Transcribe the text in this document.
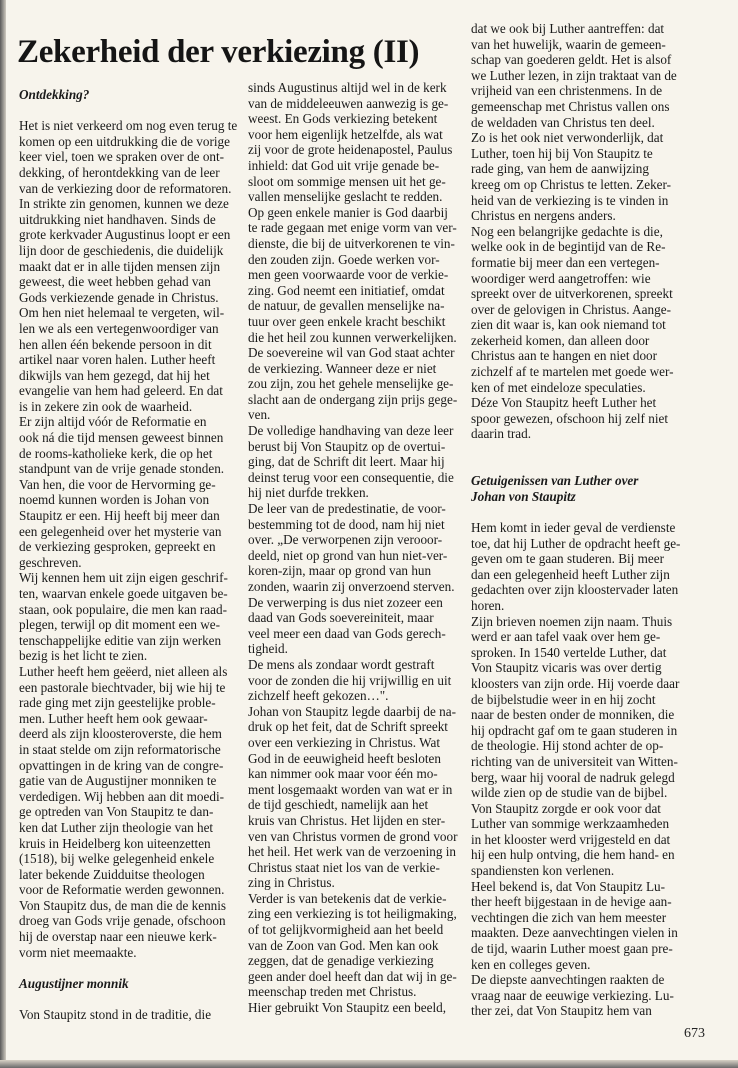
Zekerheid der verkiezing (II)

Ontdekking?

Het is niet verkeerd om nog even terug te

komen op een uitdrukking die de vorige

keer viel, toen we spraken over de ont-

dekking, of herontdekking van de leer

van de verkiezing door de reformatoren.

In strikte zin genomen, kunnen we deze

uitdrukking niet handhaven. Sinds de

grote kerkvader Augustinus loopt er een

lijn door de geschiedenis, die duidelijk

maakt dat er in alle tijden mensen zijn

geweest, die weet hebben gehad van

Gods verkiezende genade in Christus.

Om hen niet helemaal te vergeten, wil-

len we als een vertegenwoordiger van

hen allen één bekende persoon in dit

artikel naar voren halen. Luther heeft

dikwijls van hem gezegd, dat hij het

evangelie van hem had geleerd. En dat

is in zekere zin ook de waarheid.

Er zijn altijd vóór de Reformatie en

ook ná die tijd mensen geweest binnen

de rooms-katholieke kerk, die op het

standpunt van de vrije genade stonden.

Van hen, die voor de Hervorming ge-

noemd kunnen worden is Johan von

Staupitz er een. Hij heeft bij meer dan

een gelegenheid over het mysterie van

de verkiezing gesproken, gepreekt en

geschreven.

Wij kennen hem uit zijn eigen geschrif-

ten, waarvan enkele goede uitgaven be-

staan, ook populaire, die men kan raad-

plegen, terwijl op dit moment een we-

tenschappelijke editie van zijn werken

bezig is het licht te zien.

Luther heeft hem geëerd, niet alleen als

een pastorale biechtvader, bij wie hij te

rade ging met zijn geestelijke proble-

men. Luther heeft hem ook gewaar-

deerd als zijn kloosteroverste, die hem

in staat stelde om zijn reformatorische

opvattingen in de kring van de congre-

gatie van de Augustijner monniken te

verdedigen. Wij hebben aan dit moedi-

ge optreden van Von Staupitz te dan-

ken dat Luther zijn theologie van het

kruis in Heidelberg kon uiteenzetten

(1518), bij welke gelegenheid enkele

later bekende Zuidduitse theologen

voor de Reformatie werden gewonnen.

Von Staupitz dus, de man die de kennis

droeg van Gods vrije genade, ofschoon

hij de overstap naar een nieuwe kerk-

vorm niet meemaakte.

Augustijner monnik

Von Staupitz stond in de traditie, die

sinds Augustinus altijd wel in de kerk

van de middeleeuwen aanwezig is ge-

weest. En Gods verkiezing betekent

voor hem eigenlijk hetzelfde, als wat

zij voor de grote heidenapostel, Paulus

inhield: dat God uit vrije genade be-

sloot om sommige mensen uit het ge-

vallen menselijke geslacht te redden.

Op geen enkele manier is God daarbij

te rade gegaan met enige vorm van ver-

dienste, die bij de uitverkorenen te vin-

den zouden zijn. Goede werken vor-

men geen voorwaarde voor de verkie-

zing. God neemt een initiatief, omdat

de natuur, de gevallen menselijke na-

tuur over geen enkele kracht beschikt

die het heil zou kunnen verwerkelijken.

De soevereine wil van God staat achter

de verkiezing. Wanneer deze er niet

zou zijn, zou het gehele menselijke ge-

slacht aan de ondergang zijn prijs gege-

ven.

De volledige handhaving van deze leer

berust bij Von Staupitz op de overtui-

ging, dat de Schrift dit leert. Maar hij

deinst terug voor een consequentie, die

hij niet durfde trekken.

De leer van de predestinatie, de voor-

bestemming tot de dood, nam hij niet

over. „De verworpenen zijn verooor-

deeld, niet op grond van hun niet-ver-

koren-zijn, maar op grond van hun

zonden, waarin zij onverzoend sterven.

De verwerping is dus niet zozeer een

daad van Gods soevereiniteit, maar

veel meer een daad van Gods gerech-

tigheid.

De mens als zondaar wordt gestraft

voor de zonden die hij vrijwillig en uit

zichzelf heeft gekozen…".

Johan von Staupitz legde daarbij de na-

druk op het feit, dat de Schrift spreekt

over een verkiezing in Christus. Wat

God in de eeuwigheid heeft besloten

kan nimmer ook maar voor één mo-

ment losgemaakt worden van wat er in

de tijd geschiedt, namelijk aan het

kruis van Christus. Het lijden en ster-

ven van Christus vormen de grond voor

het heil. Het werk van de verzoening in

Christus staat niet los van de verkie-

zing in Christus.

Verder is van betekenis dat de verkie-

zing een verkiezing is tot heiligmaking,

of tot gelijkvormigheid aan het beeld

van de Zoon van God. Men kan ook

zeggen, dat de genadige verkiezing

geen ander doel heeft dan dat wij in ge-

meenschap treden met Christus.

Hier gebruikt Von Staupitz een beeld,

dat we ook bij Luther aantreffen: dat

van het huwelijk, waarin de gemeen-

schap van goederen geldt. Het is alsof

we Luther lezen, in zijn traktaat van de

vrijheid van een christenmens. In de

gemeenschap met Christus vallen ons

de weldaden van Christus ten deel.

Zo is het ook niet verwonderlijk, dat

Luther, toen hij bij Von Staupitz te

rade ging, van hem de aanwijzing

kreeg om op Christus te letten. Zeker-

heid van de verkiezing is te vinden in

Christus en nergens anders.

Nog een belangrijke gedachte is die,

welke ook in de begintijd van de Re-

formatie bij meer dan een vertegen-

woordiger werd aangetroffen: wie

spreekt over de uitverkorenen, spreekt

over de gelovigen in Christus. Aange-

zien dit waar is, kan ook niemand tot

zekerheid komen, dan alleen door

Christus aan te hangen en niet door

zichzelf af te martelen met goede wer-

ken of met eindeloze speculaties.

Déze Von Staupitz heeft Luther het

spoor gewezen, ofschoon hij zelf niet

daarin trad.

Getuigenissen van Luther over

Johan von Staupitz

Hem komt in ieder geval de verdienste

toe, dat hij Luther de opdracht heeft ge-

geven om te gaan studeren. Bij meer

dan een gelegenheid heeft Luther zijn

gedachten over zijn kloostervader laten

horen.

Zijn brieven noemen zijn naam. Thuis

werd er aan tafel vaak over hem ge-

sproken. In 1540 vertelde Luther, dat

Von Staupitz vicaris was over dertig

kloosters van zijn orde. Hij voerde daar

de bijbelstudie weer in en hij zocht

naar de besten onder de monniken, die

hij opdracht gaf om te gaan studeren in

de theologie. Hij stond achter de op-

richting van de universiteit van Witten-

berg, waar hij vooral de nadruk gelegd

wilde zien op de studie van de bijbel.

Von Staupitz zorgde er ook voor dat

Luther van sommige werkzaamheden

in het klooster werd vrijgesteld en dat

hij een hulp ontving, die hem hand- en

spandiensten kon verlenen.

Heel bekend is, dat Von Staupitz Lu-

ther heeft bijgestaan in de hevige aan-

vechtingen die zich van hem meester

maakten. Deze aanvechtingen vielen in

de tijd, waarin Luther moest gaan pre-

ken en colleges geven.

De diepste aanvechtingen raakten de

vraag naar de eeuwige verkiezing. Lu-

ther zei, dat Von Staupitz hem van

673
